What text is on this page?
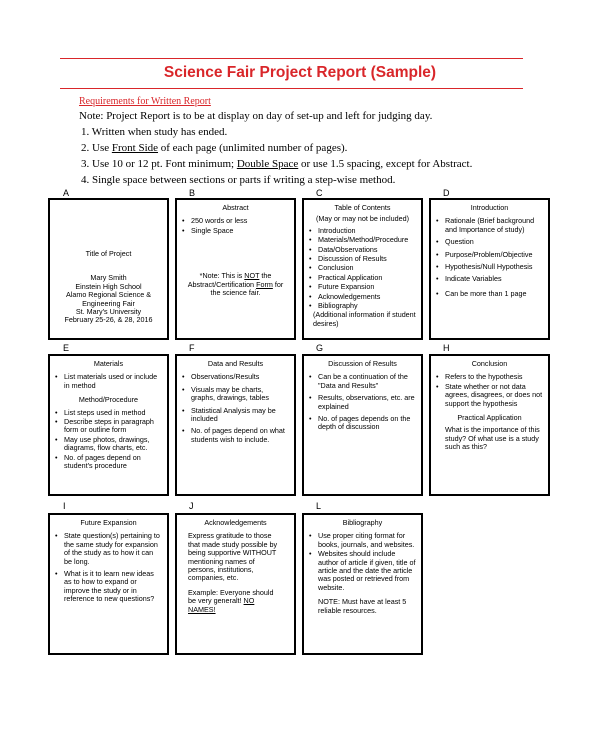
Science Fair Project Report (Sample)
Requirements for Written Report
Note: Project Report is to be at display on day of set-up and left for judging day.
1. Written when study has ended.
2. Use Front Side of each page (unlimited number of pages).
3. Use 10 or 12 pt. Font minimum; Double Space or use 1.5 spacing, except for Abstract.
4. Single space between sections or parts if writing a step-wise method.
A	B	C	D
Title of Project
Mary Smith
Einstein High School
Alamo Regional Science &
Engineering Fair
St. Mary's University
February 25-26, & 28, 2016
Abstract
• 250 words or less
• Single Space
*Note: This is NOT the Abstract/Certification Form for the science fair.
Table of Contents
(May or may not be included)
• Introduction
• Materials/Method/Procedure
• Data/Observations
• Discussion of Results
• Conclusion
• Practical Application
• Future Expansion
• Acknowledgements
• Bibliography
(Additional information if student desires)
Introduction
• Rationale (Brief background and Importance of study)
• Question
• Purpose/Problem/Objective
• Hypothesis/Null Hypothesis
• Indicate Variables
• Can be more than 1 page
E	F	G	H
Materials
• List materials used or include in method
Method/Procedure
• List steps used in method
• Describe steps in paragraph form or outline form
• May use photos, drawings, diagrams, flow charts, etc.
• No. of pages depend on student's procedure
Data and Results
• Observations/Results
• Visuals may be charts, graphs, drawings, tables
• Statistical Analysis may be included
• No. of pages depend on what students wish to include.
Discussion of Results
• Can be a continuation of the "Data and Results"
• Results, observations, etc. are explained
• No. of pages depends on the depth of discussion
Conclusion
• Refers to the hypothesis
• State whether or not data agrees, disagrees, or does not support the hypothesis
Practical Application
What is the importance of this study? Of what use is a study such as this?
I	J	L
Future Expansion
• State question(s) pertaining to the same study for expansion of the study as to how it can be long.
• What is it to learn new ideas as to how to expand or improve the study or in reference to new questions?
Acknowledgements
Express gratitude to those that made study possible by being supportive WITHOUT mentioning names of persons, institutions, companies, etc.
Example: Everyone should be very generalt! NO NAMES!
Bibliography
• Use proper citing format for books, journals, and websites.
• Websites should include author of article if given, title of article and the date the article was posted or retrieved from website.
NOTE: Must have at least 5 reliable resources.
